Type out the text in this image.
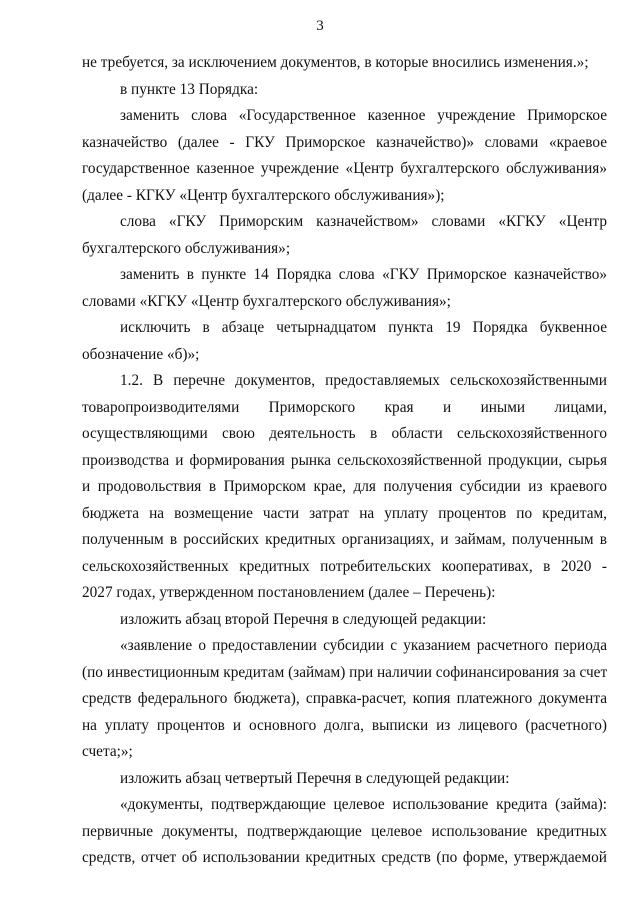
3
не требуется, за исключением документов, в которые вносились изменения.»;
в пункте 13 Порядка:
заменить слова «Государственное казенное учреждение Приморское
казначейство (далее - ГКУ Приморское казначейство)» словами «краевое
государственное казенное учреждение «Центр бухгалтерского обслуживания»
(далее - КГКУ «Центр бухгалтерского обслуживания»);
слова «ГКУ Приморским казначейством» словами «КГКУ «Центр
бухгалтерского обслуживания»;
заменить в пункте 14 Порядка слова «ГКУ Приморское казначейство»
словами «КГКУ «Центр бухгалтерского обслуживания»;
исключить в абзаце четырнадцатом пункта 19 Порядка буквенное
обозначение «б)»;
1.2. В перечне документов, предоставляемых сельскохозяйственными
товаропроизводителями Приморского края и иными лицами,
осуществляющими свою деятельность в области сельскохозяйственного
производства и формирования рынка сельскохозяйственной продукции, сырья
и продовольствия в Приморском крае, для получения субсидии из краевого
бюджета на возмещение части затрат на уплату процентов по кредитам,
полученным в российских кредитных организациях, и займам, полученным в
сельскохозяйственных кредитных потребительских кооперативах, в 2020 -
2027 годах, утвержденном постановлением (далее – Перечень):
изложить абзац второй Перечня в следующей редакции:
«заявление о предоставлении субсидии с указанием расчетного периода
(по инвестиционным кредитам (займам) при наличии софинансирования за счет
средств федерального бюджета), справка-расчет, копия платежного документа
на уплату процентов и основного долга, выписки из лицевого (расчетного)
счета;»;
изложить абзац четвертый Перечня в следующей редакции:
«документы, подтверждающие целевое использование кредита (займа):
первичные документы, подтверждающие целевое использование кредитных
средств, отчет об использовании кредитных средств (по форме, утверждаемой
